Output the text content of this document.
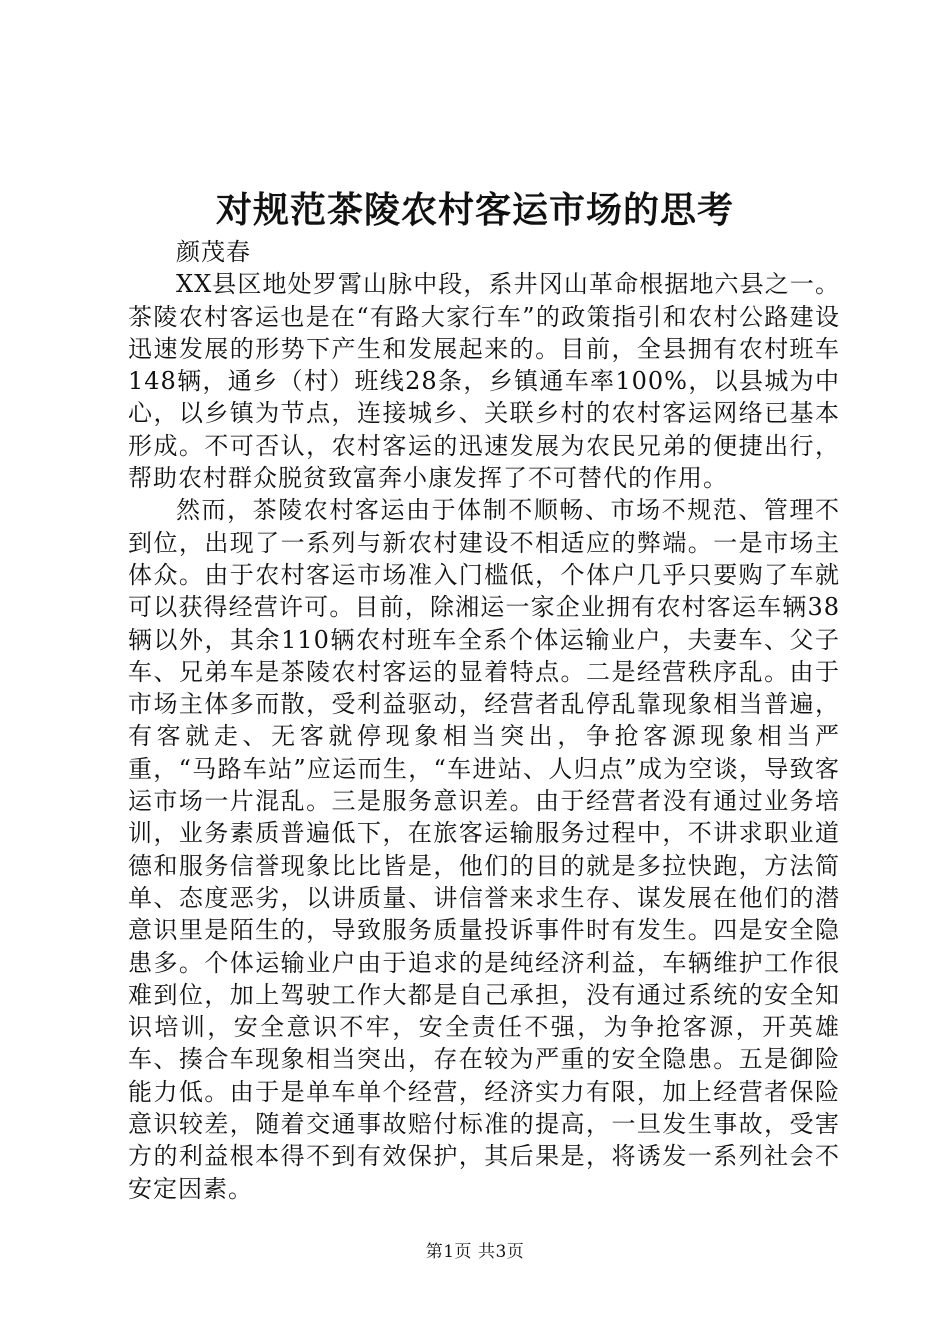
对规范茶陵农村客运市场的思考

颜茂春

XX县区地处罗霄山脉中段，系井冈山革命根据地六县之一。茶陵农村客运也是在“有路大家行车”的政策指引和农村公路建设迅速发展的形势下产生和发展起来的。目前，全县拥有农村班车148辆，通乡（村）班线28条，乡镇通车率100%，以县城为中心，以乡镇为节点，连接城乡、关联乡村的农村客运网络已基本形成。不可否认，农村客运的迅速发展为农民兄弟的便捷出行，帮助农村群众脱贫致富奔小康发挥了不可替代的作用。

然而，茶陵农村客运由于体制不顺畅、市场不规范、管理不到位，出现了一系列与新农村建设不相适应的弊端。一是市场主体众。由于农村客运市场准入门槛低，个体户几乎只要购了车就可以获得经营许可。目前，除湘运一家企业拥有农村客运车辆38辆以外，其余110辆农村班车全系个体运输业户，夫妻车、父子车、兄弟车是茶陵农村客运的显着特点。二是经营秩序乱。由于市场主体多而散，受利益驱动，经营者乱停乱靠现象相当普遍，有客就走、无客就停现象相当突出，争抢客源现象相当严重，“马路车站”应运而生，“车进站、人归点”成为空谈，导致客运市场一片混乱。三是服务意识差。由于经营者没有通过业务培训，业务素质普遍低下，在旅客运输服务过程中，不讲求职业道德和服务信誉现象比比皆是，他们的目的就是多拉快跑，方法简单、态度恶劣，以讲质量、讲信誉来求生存、谋发展在他们的潜意识里是陌生的，导致服务质量投诉事件时有发生。四是安全隐患多。个体运输业户由于追求的是纯经济利益，车辆维护工作很难到位，加上驾驶工作大都是自己承担，没有通过系统的安全知识培训，安全意识不牢，安全责任不强，为争抢客源，开英雄车、揍合车现象相当突出，存在较为严重的安全隐患。五是御险能力低。由于是单车单个经营，经济实力有限，加上经营者保险意识较差，随着交通事故赔付标准的提高，一旦发生事故，受害方的利益根本得不到有效保护，其后果是，将诱发一系列社会不安定因素。

第1页 共3页
